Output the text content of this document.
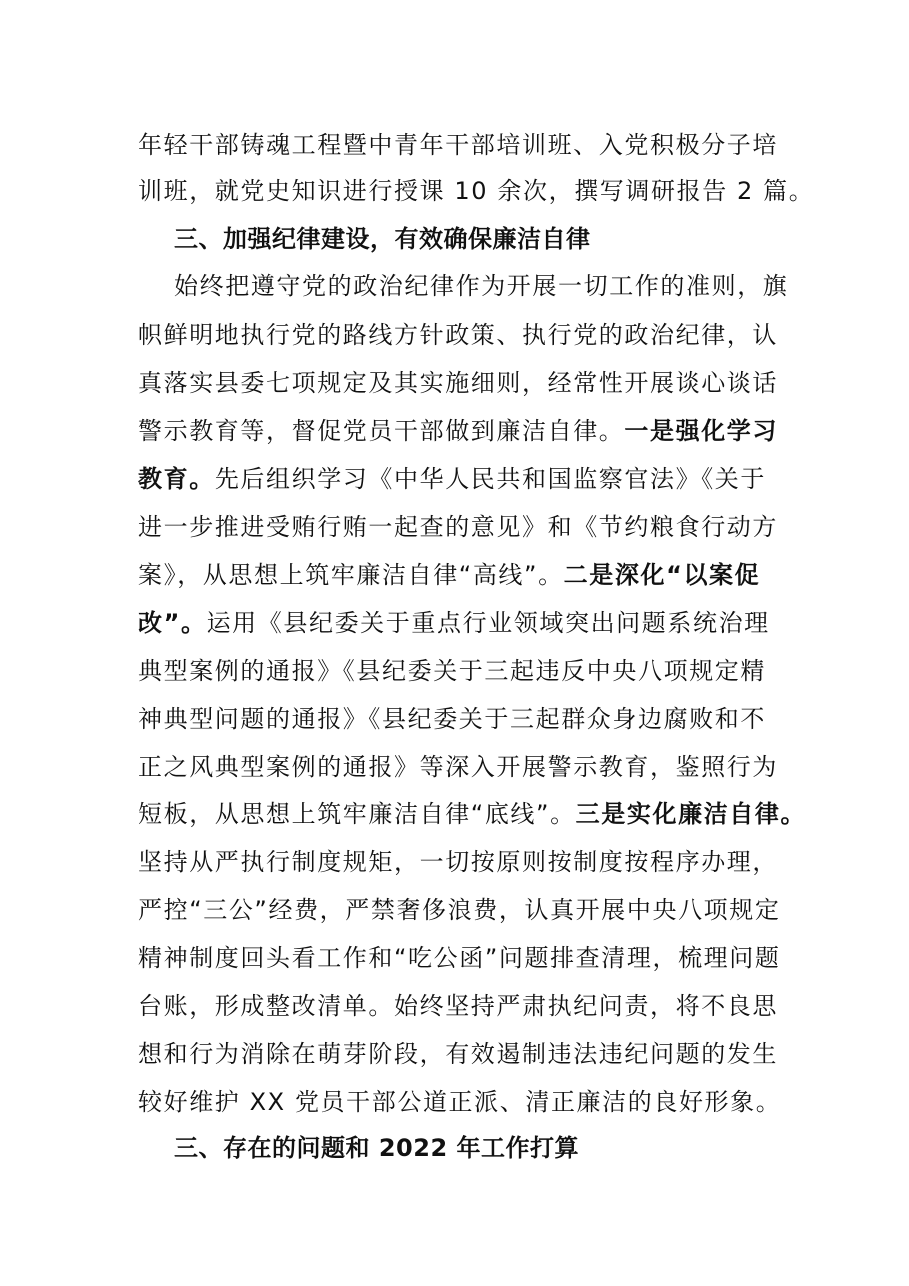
年轻干部铸魂工程暨中青年干部培训班、入党积极分子培
训班，就党史知识进行授课 10 余次，撰写调研报告 2 篇。
三、加强纪律建设，有效确保廉洁自律
始终把遵守党的政治纪律作为开展一切工作的准则，旗
帜鲜明地执行党的路线方针政策、执行党的政治纪律，认
真落实县委七项规定及其实施细则，经常性开展谈心谈话
警示教育等，督促党员干部做到廉洁自律。一是强化学习
教育。先后组织学习《中华人民共和国监察官法》《关于
进一步推进受贿行贿一起查的意见》和《节约粮食行动方
案》，从思想上筑牢廉洁自律“高线”。二是深化“以案促
改”。运用《县纪委关于重点行业领域突出问题系统治理
典型案例的通报》《县纪委关于三起违反中央八项规定精
神典型问题的通报》《县纪委关于三起群众身边腐败和不
正之风典型案例的通报》等深入开展警示教育，鉴照行为
短板，从思想上筑牢廉洁自律“底线”。三是实化廉洁自律。
坚持从严执行制度规矩，一切按原则按制度按程序办理，
严控“三公”经费，严禁奢侈浪费，认真开展中央八项规定
精神制度回头看工作和“吃公函”问题排查清理，梳理问题
台账，形成整改清单。始终坚持严肃执纪问责，将不良思
想和行为消除在萌芽阶段，有效遏制违法违纪问题的发生
较好维护 XX 党员干部公道正派、清正廉洁的良好形象。
三、存在的问题和 2022 年工作打算
